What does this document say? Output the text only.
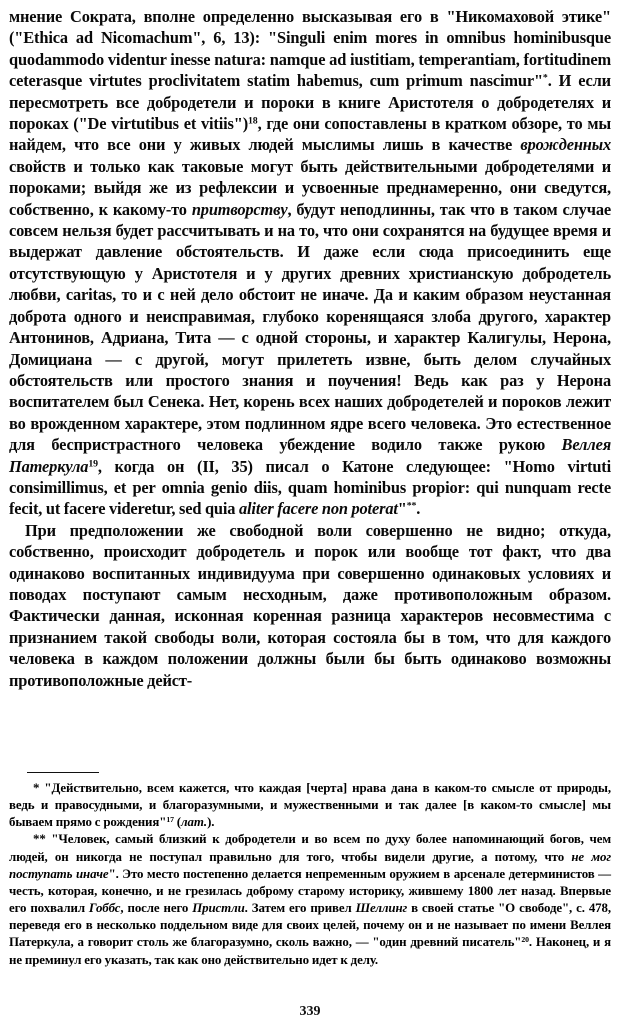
мнение Сократа, вполне определенно высказывая его в "Никомаховой этике" ("Ethica ad Nicomachum", 6, 13): "Singuli enim mores in omnibus hominibusque quodammodo videntur inesse natura: namque ad iustitiam, temperantiam, fortitudinem ceterasque virtutes proclivitatem statim habemus, cum primum nascimur"*. И если пересмотреть все добродетели и пороки в книге Аристотеля о добродетелях и пороках ("De virtutibus et vitiis")$^{18}$, где они сопоставлены в кратком обзоре, то мы найдем, что все они у живых людей мыслимы лишь в качестве врожденных свойств и только как таковые могут быть действительными добродетелями и пороками; выйдя же из рефлексии и усвоенные преднамеренно, они сведутся, собственно, к какому-то притворству, будут неподлинны, так что в таком случае совсем нельзя будет рассчитывать и на то, что они сохранятся на будущее время и выдержат давление обстоятельств. И даже если сюда присоединить еще отсутствующую у Аристотеля и у других древних христианскую добродетель любви, caritas, то и с ней дело обстоит не иначе. Да и каким образом неустанная доброта одного и неисправимая, глубоко коренящаяся злоба другого, характер Антонинов, Адриана, Тита — с одной стороны, и характер Калигулы, Нерона, Домициана — с другой, могут прилететь извне, быть делом случайных обстоятельств или простого знания и поучения! Ведь как раз у Нерона воспитателем был Сенека. Нет, корень всех наших добродетелей и пороков лежит во врожденном характере, этом подлинном ядре всего человека. Это естественное для беспристрастного человека убеждение водило также рукою Веллея Патеркула$^{19}$, когда он (II, 35) писал о Катоне следующее: "Homo virtuti consimillimus, et per omnia genio diis, quam hominibus propior: qui nunquam recte fecit, ut facere videretur, sed quia aliter facere non poterat"**.

При предположении же свободной воли совершенно не видно; откуда, собственно, происходит добродетель и порок или вообще тот факт, что два одинаково воспитанных индивидуума при совершенно одинаковых условиях и поводах поступают самым несходным, даже противоположным образом. Фактически данная, исконная коренная разница характеров несовместима с признанием такой свободы воли, которая состояла бы в том, что для каждого человека в каждом положении должны были бы быть одинаково возможны противоположные дейст-

* "Действительно, всем кажется, что каждая [черта] нрава дана в каком-то смысле от природы, ведь и правосудными, и благоразумными, и мужественными и так далее [в каком-то смысле] мы бываем прямо с рождения"$^{17}$ (лат.).

** "Человек, самый близкий к добродетели и во всем по духу более напоминающий богов, чем людей, он никогда не поступал правильно для того, чтобы видели другие, а потому, что не мог поступать иначе". Это место постепенно делается непременным оружием в арсенале детерминистов — честь, которая, конечно, и не грезилась доброму старому историку, жившему 1800 лет назад. Впервые его похвалил Гоббс, после него Пристли. Затем его привел Шеллинг в своей статье "О свободе", с. 478, переведя его в несколько поддельном виде для своих целей, почему он и не называет по имени Веллея Патеркула, а говорит столь же благоразумно, сколь важно, — "один древний писатель"$^{20}$. Наконец, и я не преминул его указать, так как оно действительно идет к делу.

339
